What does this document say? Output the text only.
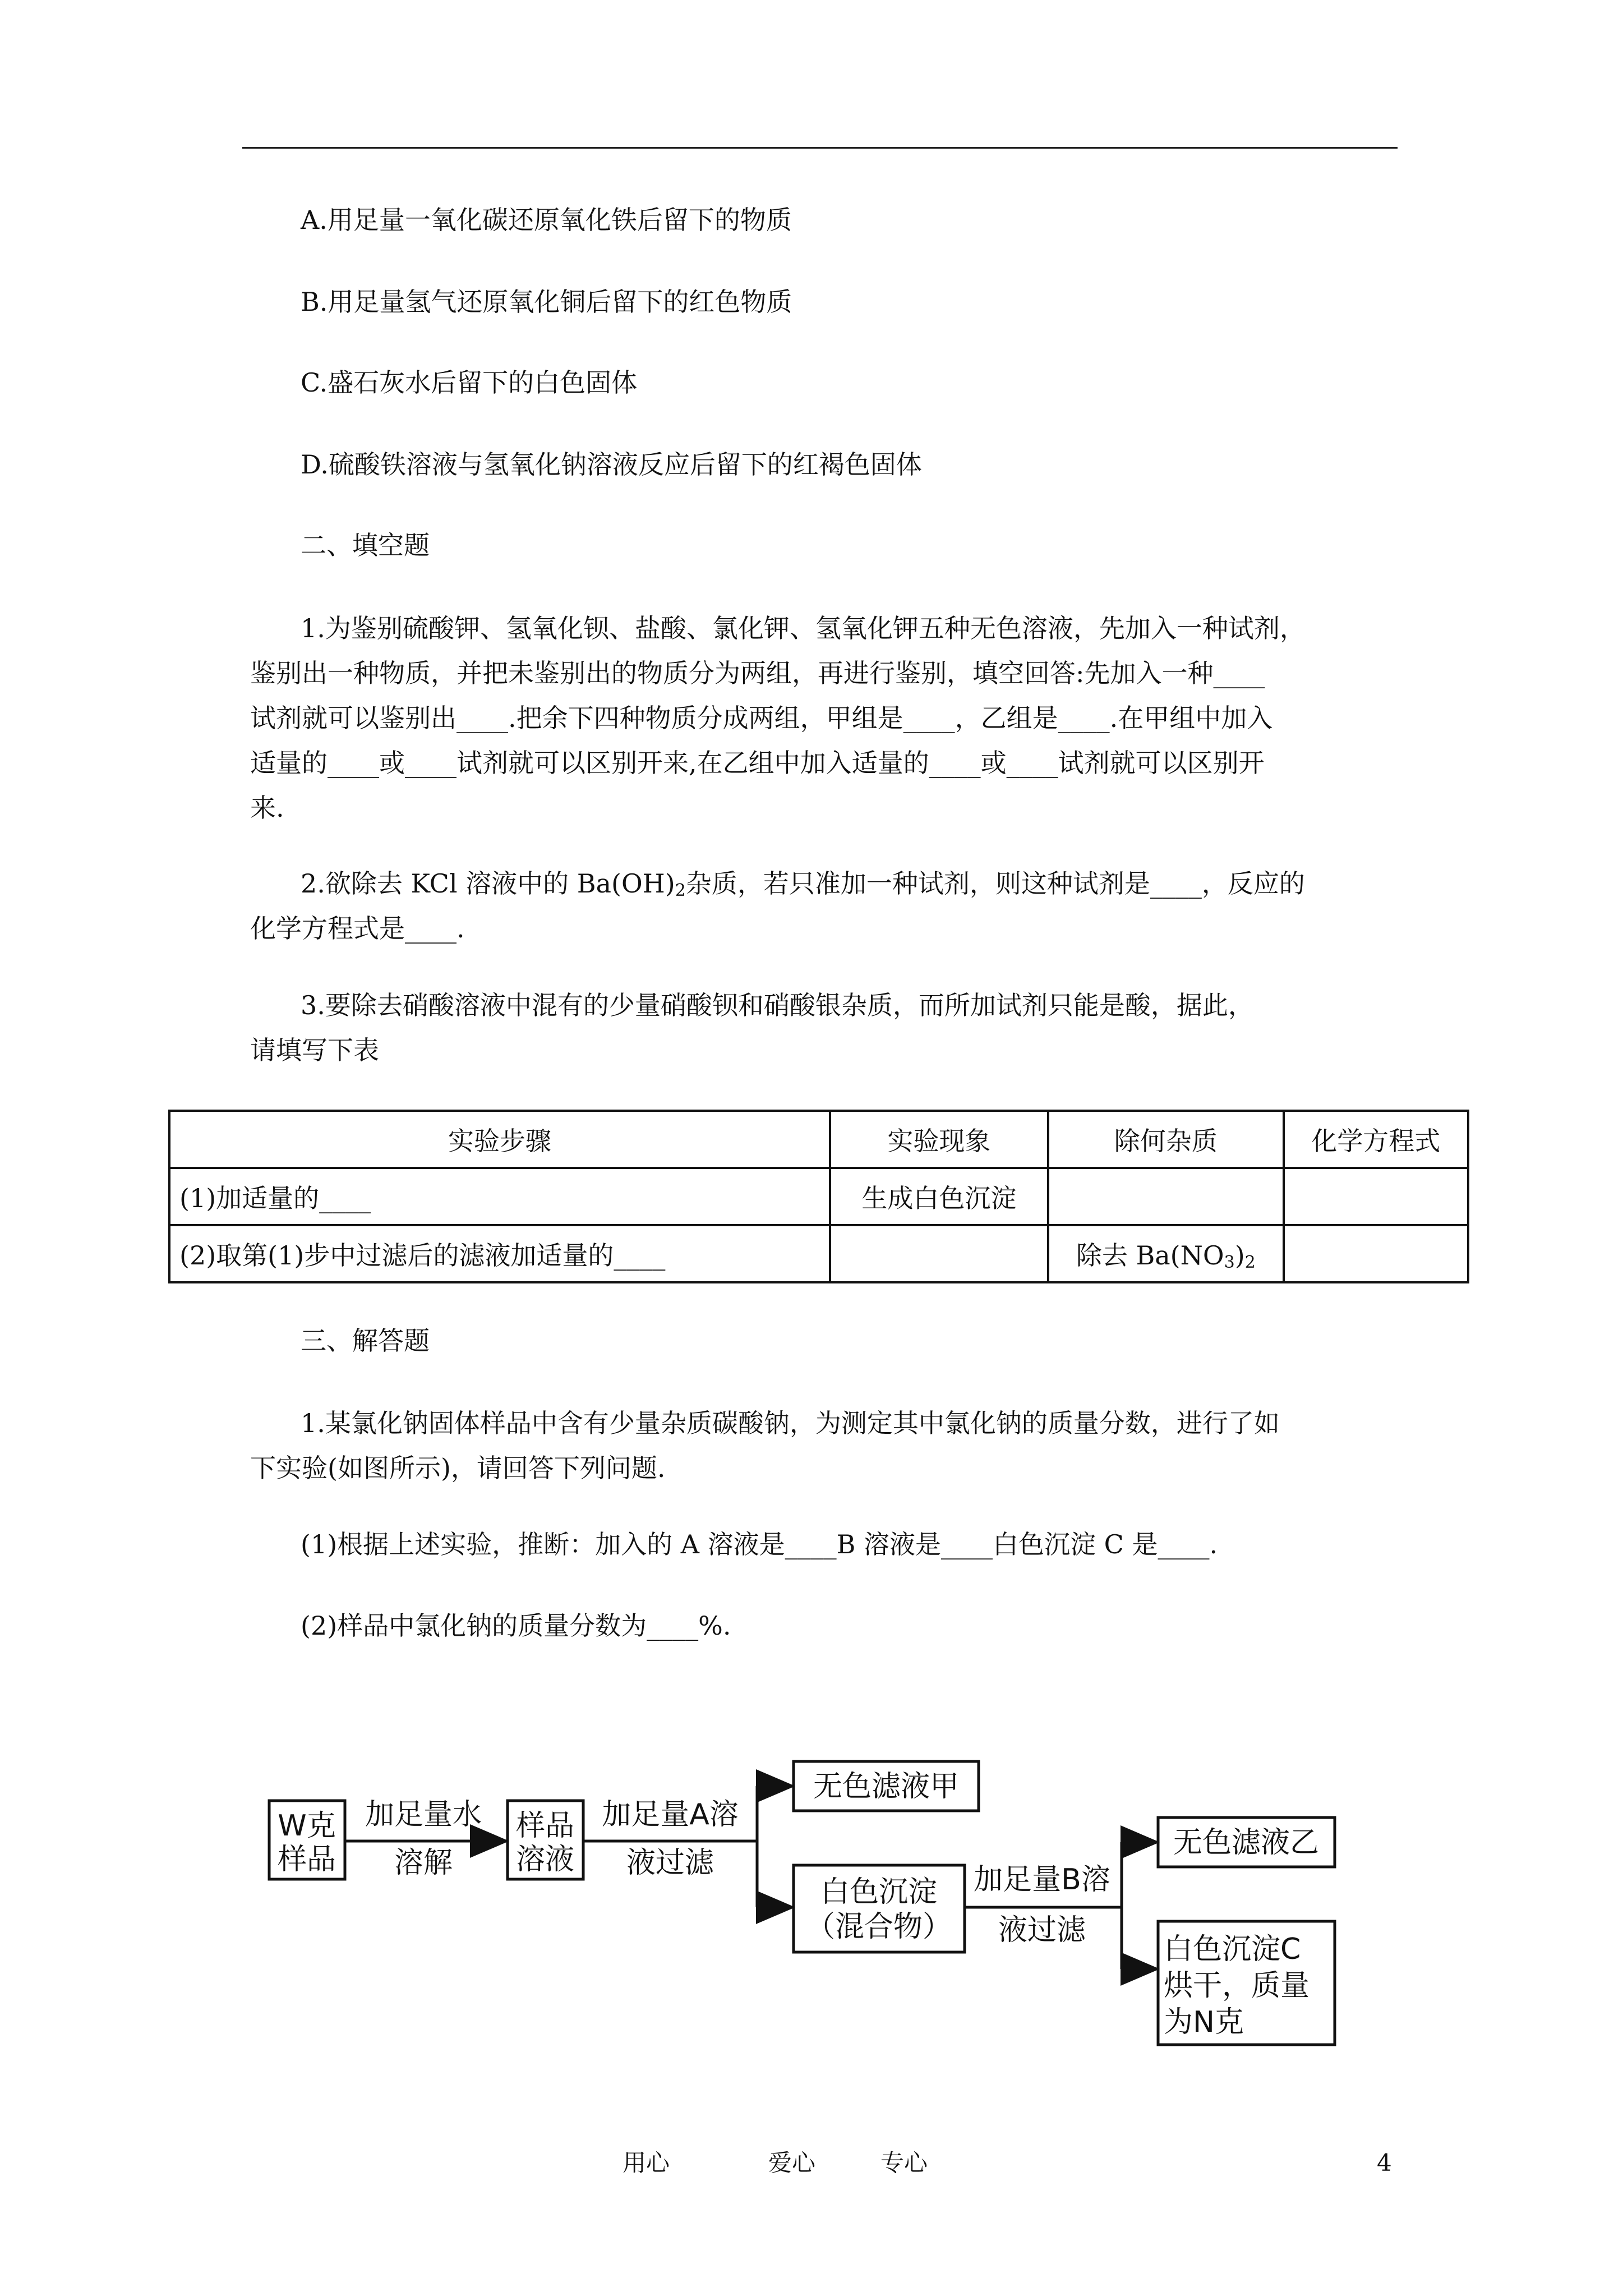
A.用足量一氧化碳还原氧化铁后留下的物质
B.用足量氢气还原氧化铜后留下的红色物质
C.盛石灰水后留下的白色固体
D.硫酸铁溶液与氢氧化钠溶液反应后留下的红褐色固体
二、填空题
1.为鉴别硫酸钾、氢氧化钡、盐酸、氯化钾、氢氧化钾五种无色溶液，先加入一种试剂，
鉴别出一种物质，并把未鉴别出的物质分为两组，再进行鉴别，填空回答:先加入一种____
试剂就可以鉴别出____.把余下四种物质分成两组，甲组是____，乙组是____.在甲组中加入
适量的____或____试剂就可以区别开来,在乙组中加入适量的____或____试剂就可以区别开
来.
2.欲除去 KCl 溶液中的 $Ba(OH)_2$杂质，若只准加一种试剂，则这种试剂是____，反应的
化学方程式是____.
3.要除去硝酸溶液中混有的少量硝酸钡和硝酸银杂质，而所加试剂只能是酸，据此，
请填写下表
实验步骤	实验现象	除何杂质	化学方程式
(1)加适量的____	生成白色沉淀		
(2)取第(1)步中过滤后的滤液加适量的____		除去 $Ba(NO_3)_2$	
三、解答题
1.某氯化钠固体样品中含有少量杂质碳酸钠，为测定其中氯化钠的质量分数，进行了如
下实验(如图所示)，请回答下列问题.
(1)根据上述实验，推断：加入的 A 溶液是____B 溶液是____白色沉淀 C 是____.
(2)样品中氯化钠的质量分数为____%.
W克
样品
加足量水
溶解
样品
溶液
加足量A溶
液过滤
无色滤液甲
白色沉淀
（混合物）
加足量B溶
液过滤
无色滤液乙
白色沉淀C
烘干，质量
为N克
用心	爱心	专心	4
